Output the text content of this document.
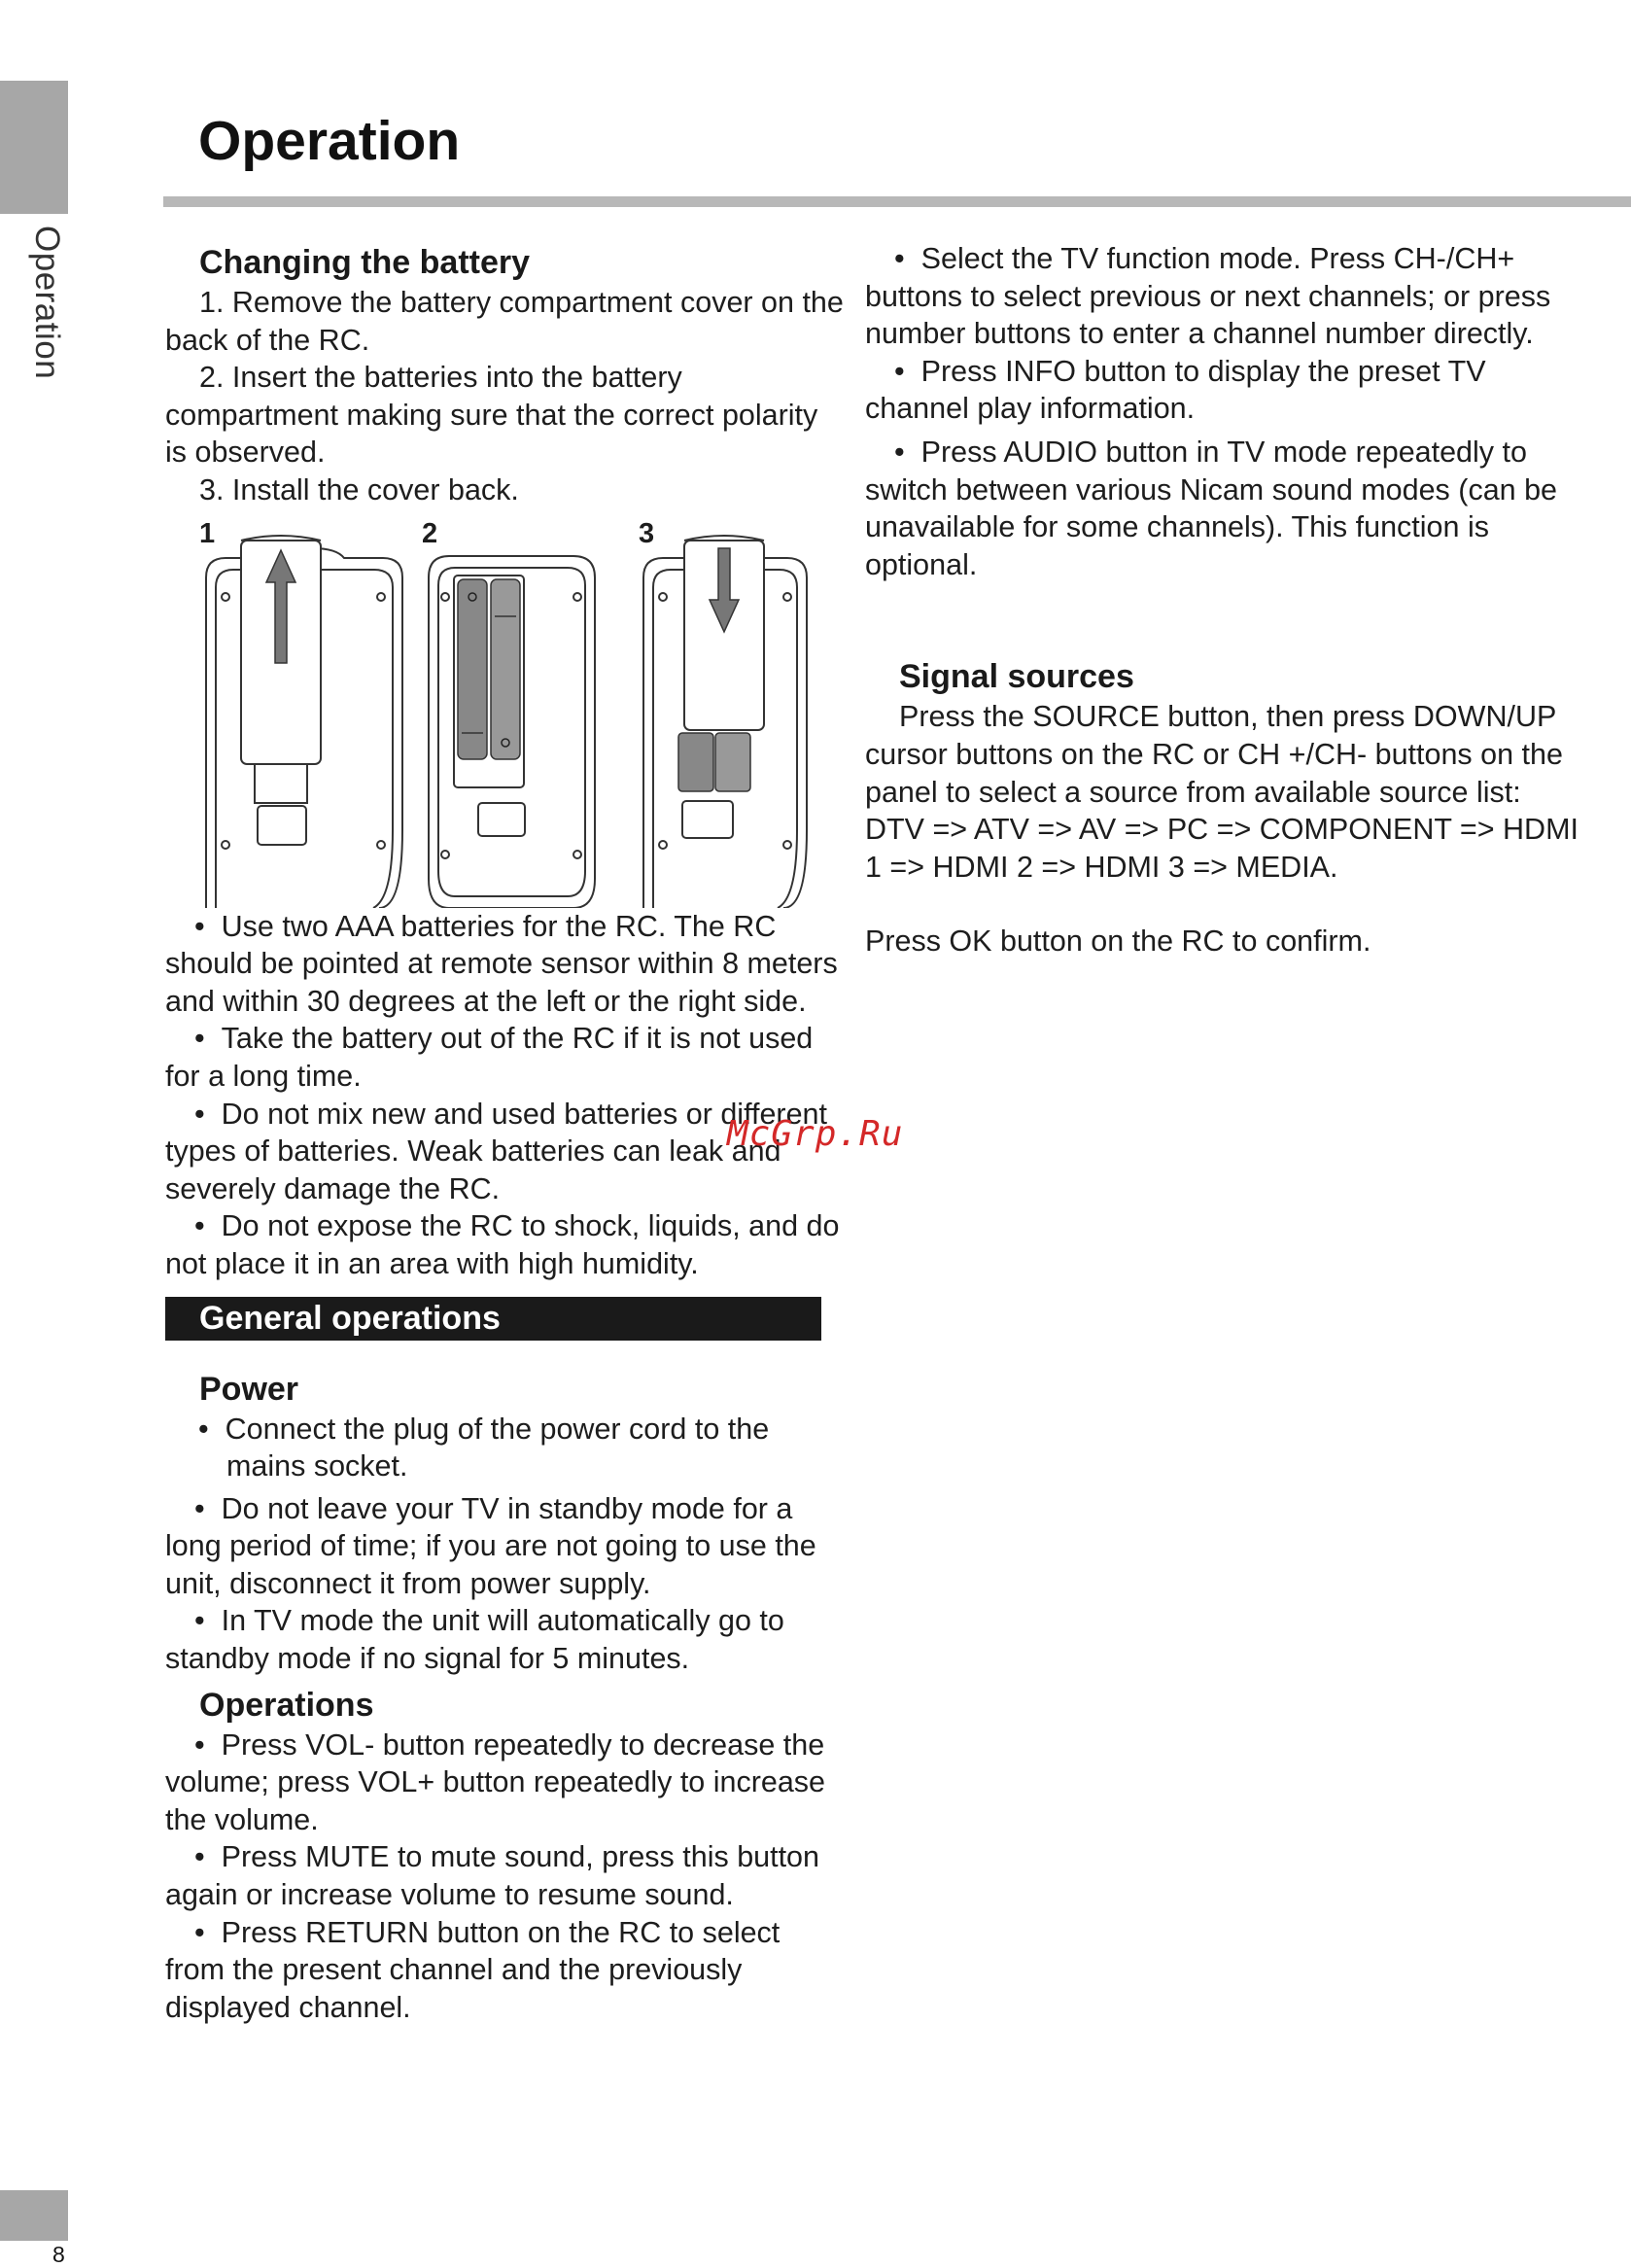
Operation
Operation
Changing the battery

1. Remove the battery compartment cover on the back of the RC.

2. Insert the batteries into the battery compartment making sure that the correct polarity is observed.

3. Install the cover back.

1	2	3

•  Use two AAA batteries for the RC. The RC should be pointed at remote sensor within 8 meters and within 30 degrees at the left or the right side.

•  Take the battery out of the RC if it is not used for a long time.

•  Do not mix new and used batteries or different types of batteries. Weak batteries can leak and severely damage the RC.

•  Do not expose the RC to shock, liquids, and do not place it in an area with high humidity.

General operations
Power

•  Connect the plug of the power cord to the mains socket.

•  Do not leave your TV in standby mode for a long period of time; if you are not going to use the unit, disconnect it from power supply.

•  In TV mode the unit will automatically go to standby mode if no signal for 5 minutes.

Operations

•  Press VOL- button repeatedly to decrease the volume; press VOL+ button repeatedly to increase the volume.

•  Press MUTE to mute sound, press this button again or increase volume to resume sound.

•  Press RETURN button on the RC to select from the present channel and the previously displayed channel.

•  Select the TV function mode. Press CH-/CH+ buttons to select previous or next channels; or press number buttons to enter a channel number directly.

•  Press INFO button to display the preset TV channel play information.

•  Press AUDIO button in TV mode repeatedly to switch between various Nicam sound modes (can be unavailable for some channels). This function is optional.

Signal sources

Press the SOURCE button, then press DOWN/UP cursor buttons on the RC or CH +/CH- buttons on the panel to select a source from available source list: DTV => ATV => AV => PC => COMPONENT => HDMI 1 => HDMI 2 => HDMI 3 => MEDIA.

Press OK button on the RC to confirm.

McGrp.Ru
8
